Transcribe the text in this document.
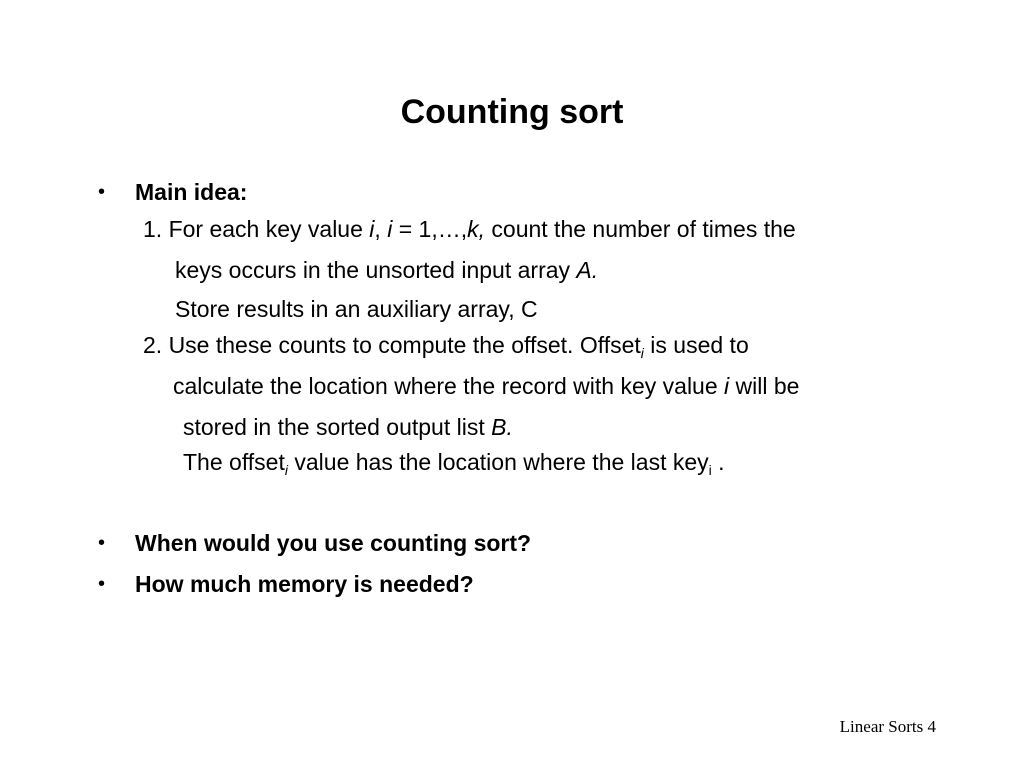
Counting sort
• Main idea:
1. For each key value i, i = 1,…,k, count the number of times the
keys occurs in the unsorted input array A.
Store results in an auxiliary array, C
2. Use these counts to compute the offset. Offset$_i$ is used to
calculate the location where the record with key value i will be
stored in the sorted output list B.
The offset$_i$ value has the location where the last key$_i$ .
• When would you use counting sort?
• How much memory is needed?
Linear Sorts 4
